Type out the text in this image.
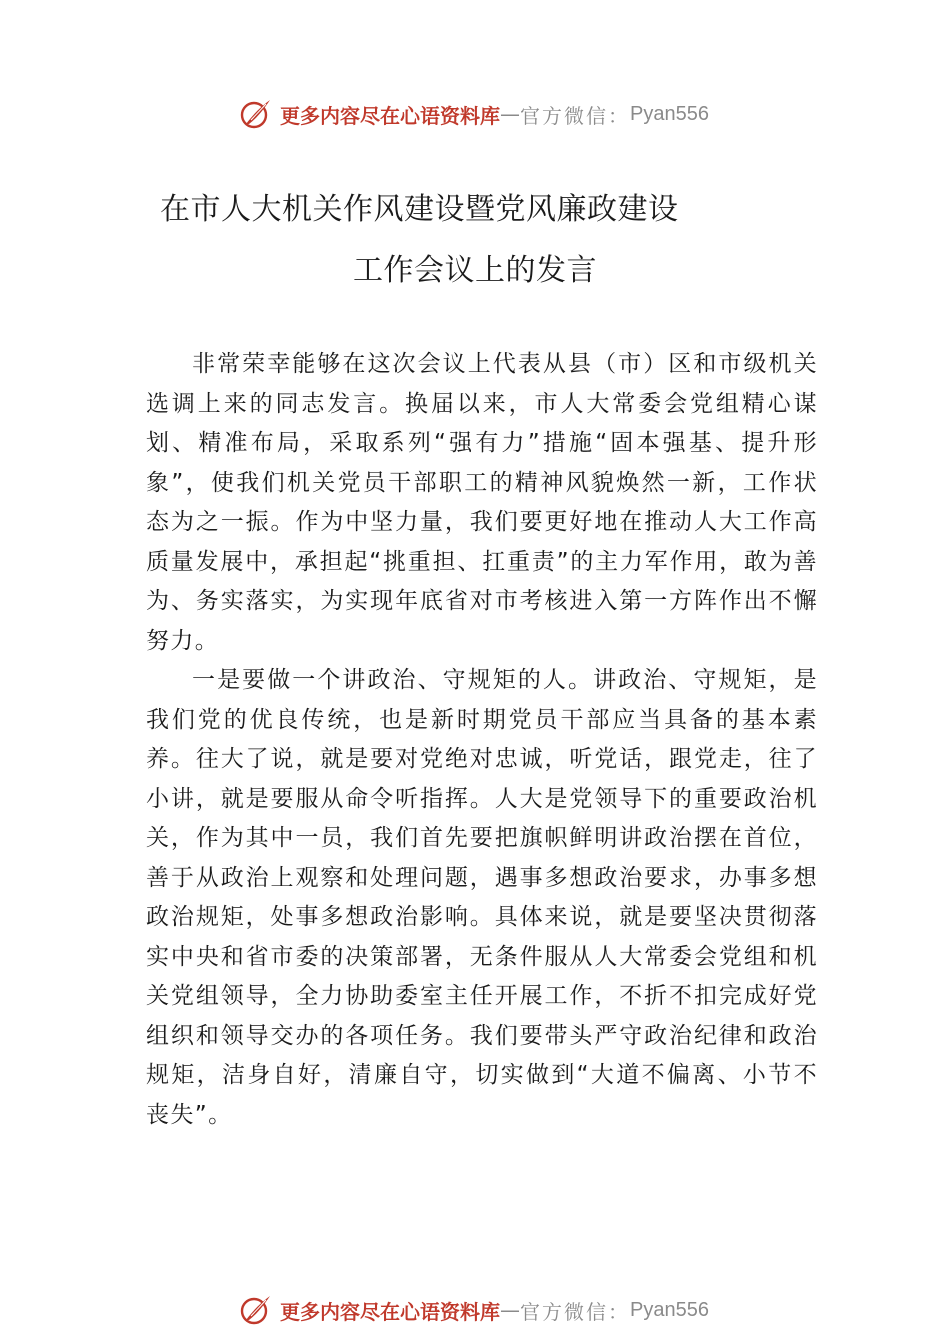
更多内容尽在心语资料库 — 官方微信： Pyan556
在市人大机关作风建设暨党风廉政建设
工作会议上的发言

非常荣幸能够在这次会议上代表从县（市）区和市级机关选调上来的同志发言。换届以来，市人大常委会党组精心谋划、精准布局，采取系列“强有力”措施“固本强基、提升形象”，使我们机关党员干部职工的精神风貌焕然一新，工作状态为之一振。作为中坚力量，我们要更好地在推动人大工作高质量发展中，承担起“挑重担、扛重责”的主力军作用，敢为善为、务实落实，为实现年底省对市考核进入第一方阵作出不懈努力。

一是要做一个讲政治、守规矩的人。讲政治、守规矩，是我们党的优良传统，也是新时期党员干部应当具备的基本素养。往大了说，就是要对党绝对忠诚，听党话，跟党走，往了小讲，就是要服从命令听指挥。人大是党领导下的重要政治机关，作为其中一员，我们首先要把旗帜鲜明讲政治摆在首位，善于从政治上观察和处理问题，遇事多想政治要求，办事多想政治规矩，处事多想政治影响。具体来说，就是要坚决贯彻落实中央和省市委的决策部署，无条件服从人大常委会党组和机关党组领导，全力协助委室主任开展工作，不折不扣完成好党组织和领导交办的各项任务。我们要带头严守政治纪律和政治规矩，洁身自好，清廉自守，切实做到“大道不偏离、小节不丧失”。

更多内容尽在心语资料库 — 官方微信： Pyan556
